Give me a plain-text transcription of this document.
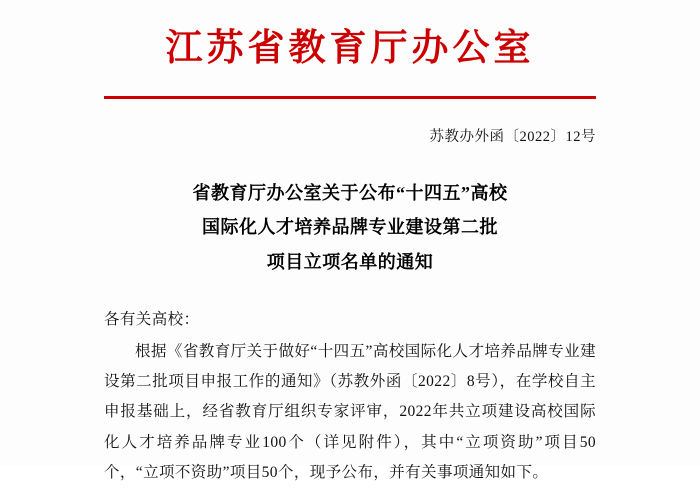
江苏省教育厅办公室
苏教办外函〔2022〕12号
省教育厅办公室关于公布“十四五”高校
国际化人才培养品牌专业建设第二批
项目立项名单的通知

各有关高校：

根据《省教育厅关于做好“十四五”高校国际化人才培养品牌专业建设第二批项目申报工作的通知》（苏教外函〔2022〕8号），在学校自主申报基础上，经省教育厅组织专家评审，2022年共立项建设高校国际化人才培养品牌专业100个（详见附件），其中“立项资助”项目50个，“立项不资助”项目50个，现予公布，并有关事项通知如下。
